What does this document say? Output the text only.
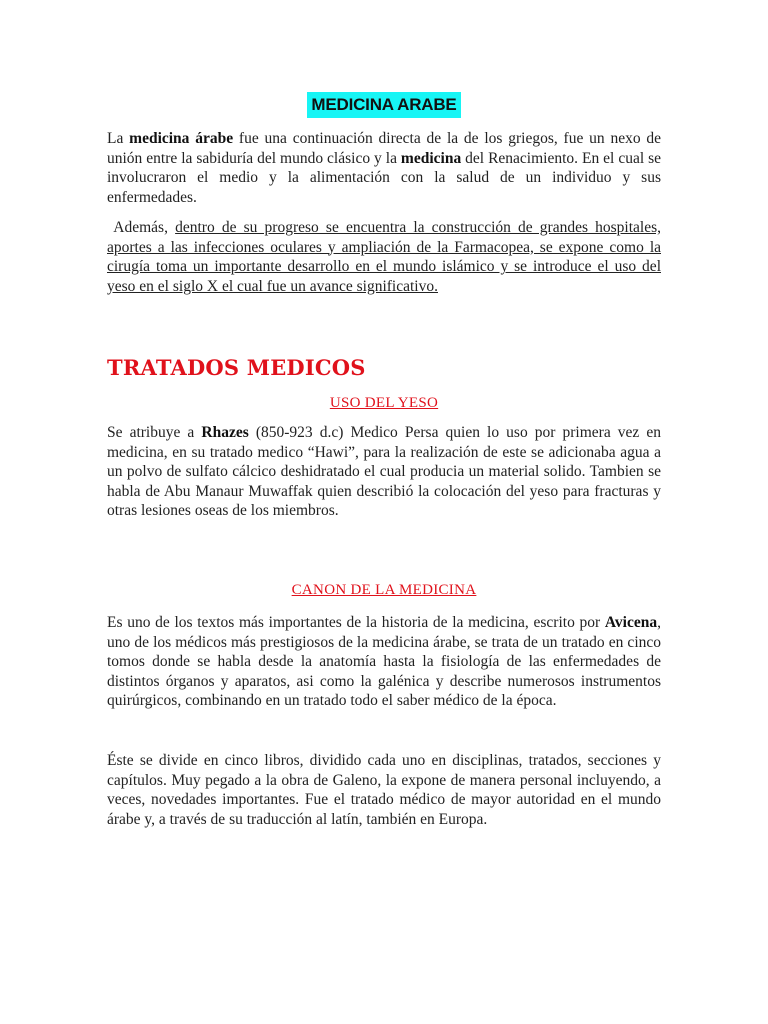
MEDICINA ARABE

La medicina árabe fue una continuación directa de la de los griegos, fue un nexo de unión entre la sabiduría del mundo clásico y la medicina del Renacimiento. En el cual se involucraron el medio y la alimentación con la salud de un individuo y sus enfermedades.

Además, dentro de su progreso se encuentra la construcción de grandes hospitales, aportes a las infecciones oculares y ampliación de la Farmacopea, se expone como la cirugía toma un importante desarrollo en el mundo islámico y se introduce el uso del yeso en el siglo X el cual fue un avance significativo.

TRATADOS MEDICOS
USO DEL YESO

Se atribuye a Rhazes (850-923 d.c) Medico Persa quien lo uso por primera vez en medicina, en su tratado medico “Hawi”, para la realización de este se adicionaba agua a un polvo de sulfato cálcico deshidratado el cual producia un material solido. Tambien se habla de Abu Manaur Muwaffak quien describió la colocación del yeso para fracturas y otras lesiones oseas de los miembros.

CANON DE LA MEDICINA

Es uno de los textos más importantes de la historia de la medicina, escrito por Avicena, uno de los médicos más prestigiosos de la medicina árabe, se trata de un tratado en cinco tomos donde se habla desde la anatomía hasta la fisiología de las enfermedades de distintos órganos y aparatos, asi como la galénica y describe numerosos instrumentos quirúrgicos, combinando en un tratado todo el saber médico de la época.

Éste se divide en cinco libros, dividido cada uno en disciplinas, tratados, secciones y capítulos. Muy pegado a la obra de Galeno, la expone de manera personal incluyendo, a veces, novedades importantes. Fue el tratado médico de mayor autoridad en el mundo árabe y, a través de su traducción al latín, también en Europa.
